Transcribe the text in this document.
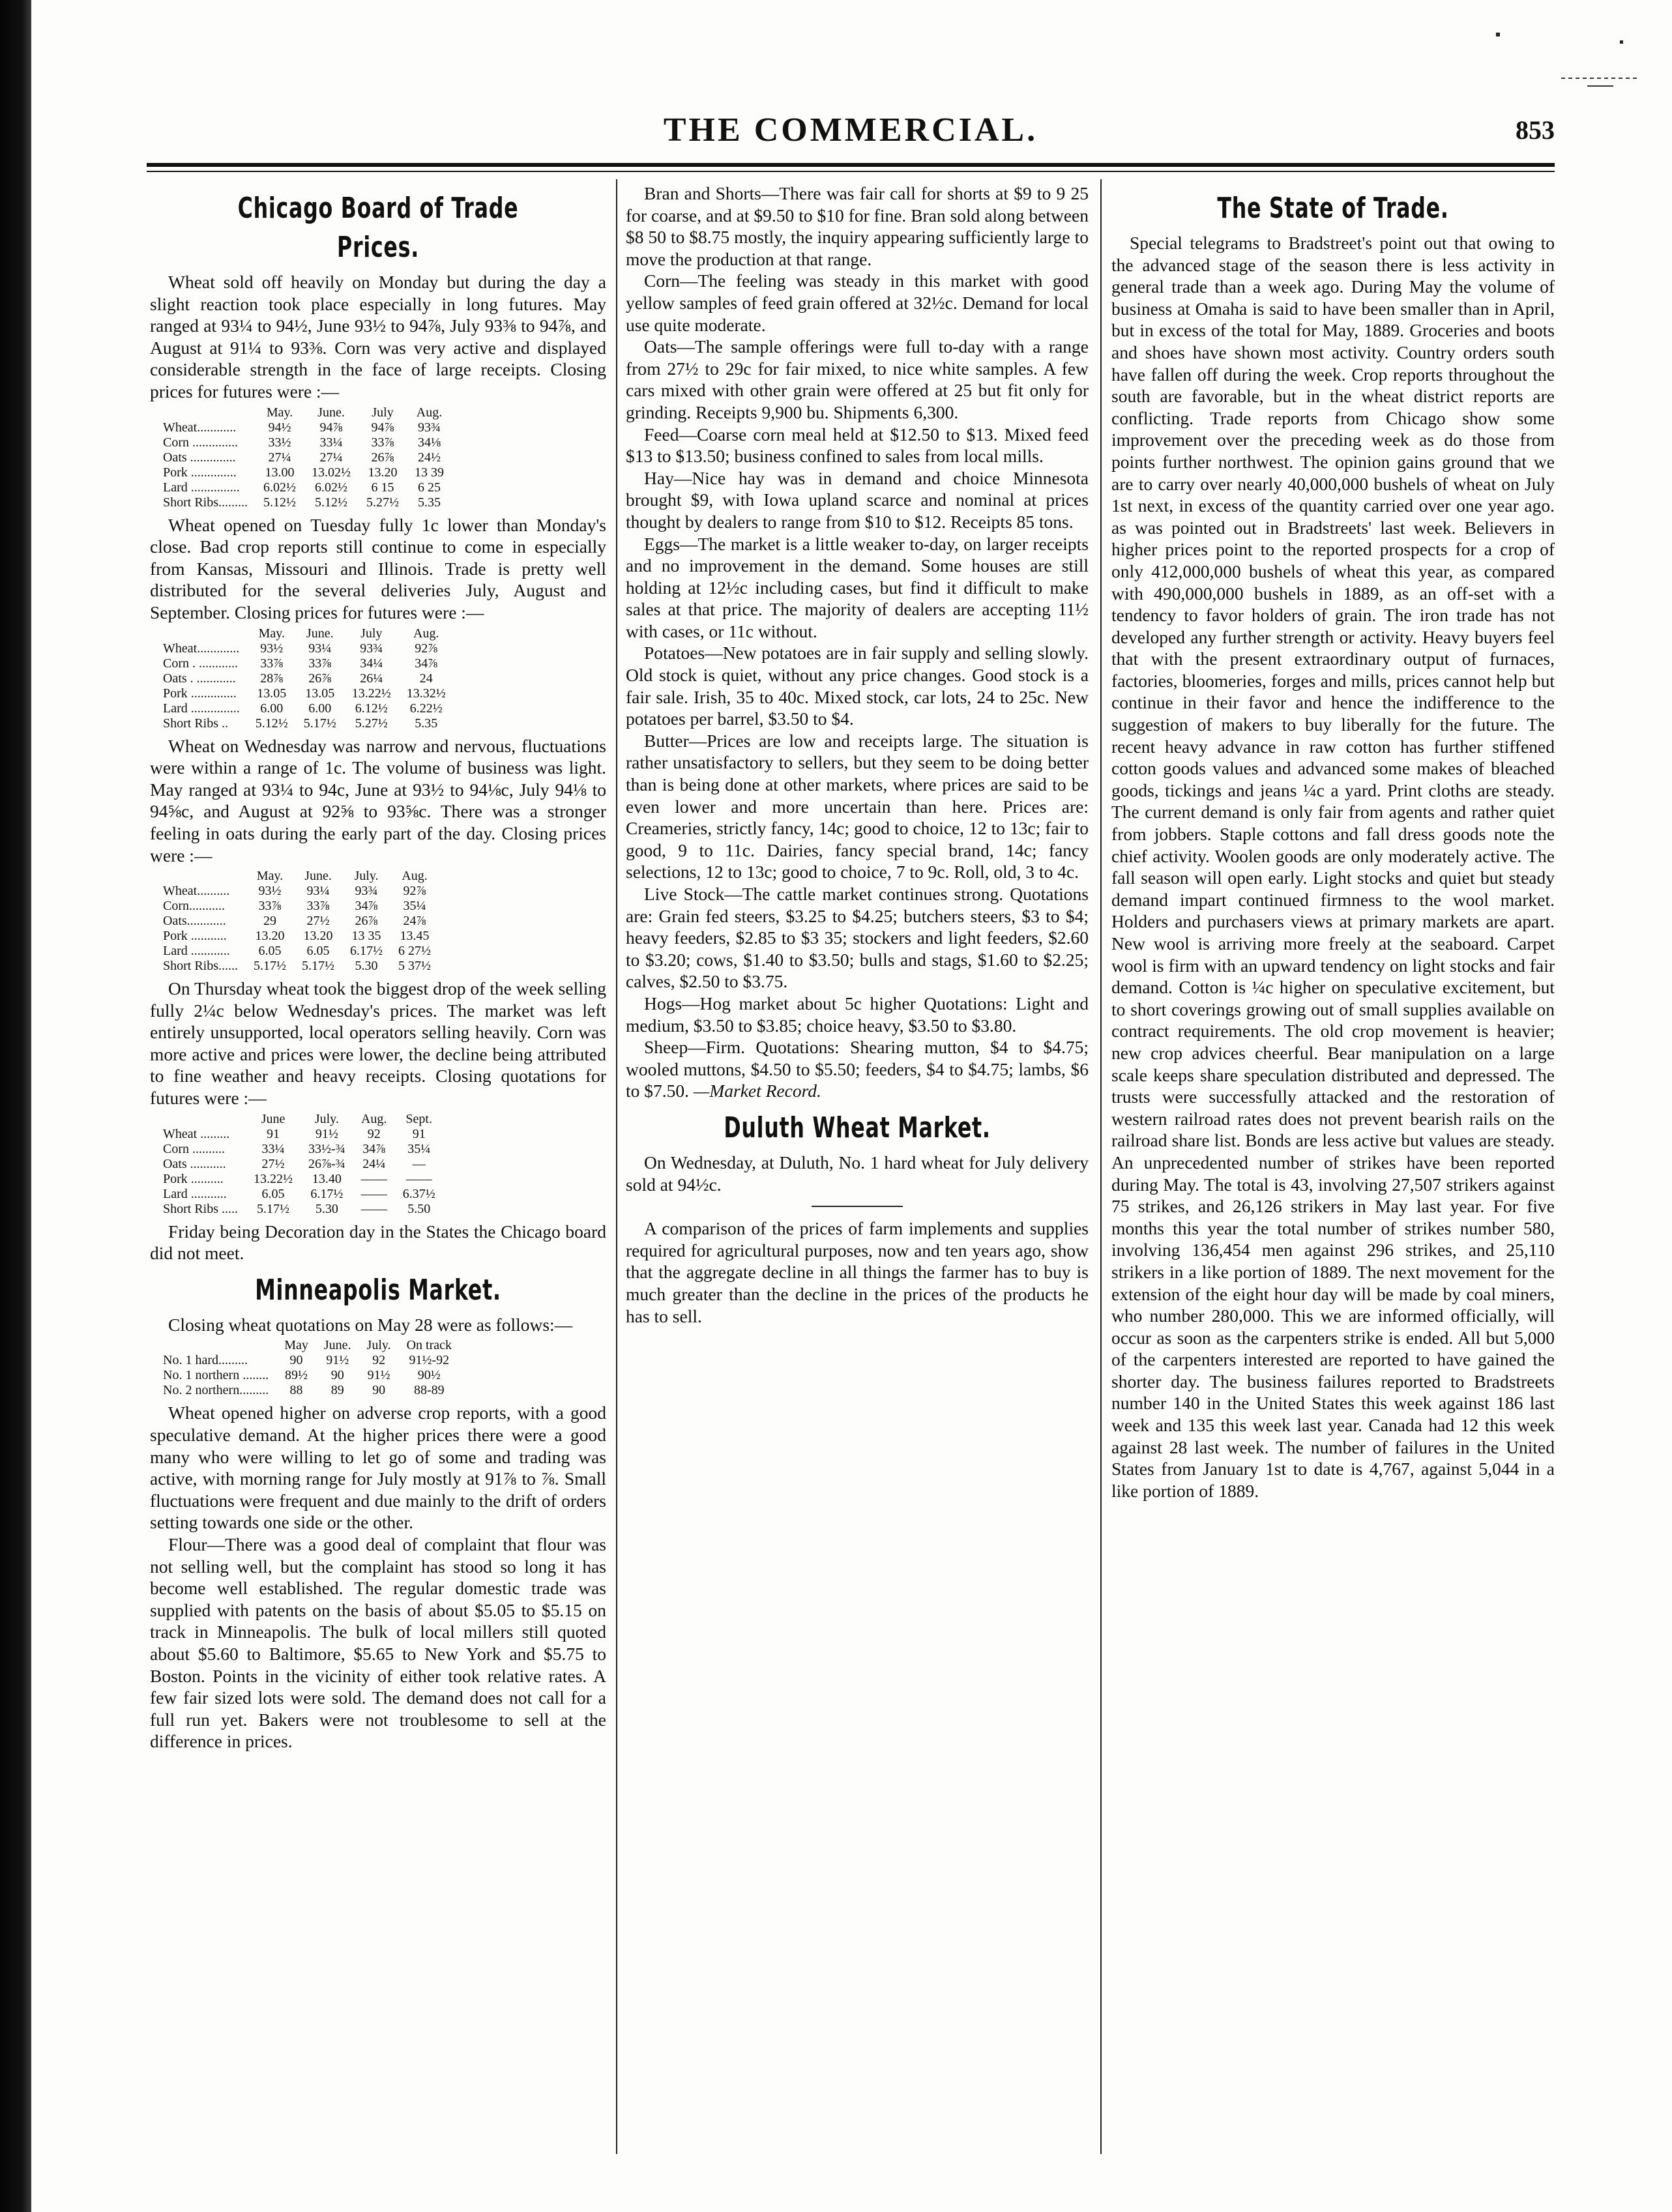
THE COMMERCIAL.	853
Chicago Board of Trade Prices.

Wheat sold off heavily on Monday but during the day a slight reaction took place especially in long futures. May ranged at 93¼ to 94½, June 93½ to 94⅞, July 93⅜ to 94⅞, and August at 91¼ to 93⅜. Corn was very active and displayed considerable strength in the face of large receipts. Closing prices for futures were :—

	May.	June.	July	Aug.
Wheat............	94½	94⅞	94⅞	93¾
Corn ..............	33½	33¼	33⅞	34⅛
Oats ..............	27¼	27¼	26⅞	24½
Pork ..............	13.00	13.02½	13.20	13 39
Lard ...............	6.02½	6.02½	6 15	6 25
Short Ribs.........	5.12½	5.12½	5.27½	5.35

Wheat opened on Tuesday fully 1c lower than Monday's close. Bad crop reports still continue to come in especially from Kansas, Missouri and Illinois. Trade is pretty well distributed for the several deliveries July, August and September. Closing prices for futures were :—

	May.	June.	July	Aug.
Wheat.............	93½	93¼	93¾	92⅞
Corn . ............	33⅞	33⅞	34¼	34⅞
Oats . ............	28⅞	26⅞	26¼	24
Pork ..............	13.05	13.05	13.22½	13.32½
Lard ...............	6.00	6.00	6.12½	6.22½
Short Ribs ..	5.12½	5.17½	5.27½	5.35

Wheat on Wednesday was narrow and nervous, fluctuations were within a range of 1c. The volume of business was light. May ranged at 93¼ to 94c, June at 93½ to 94⅛c, July 94⅛ to 94⅝c, and August at 92⅝ to 93⅝c. There was a stronger feeling in oats during the early part of the day. Closing prices were :—

	May.	June.	July.	Aug.
Wheat..........	93½	93¼	93¾	92⅞
Corn...........	33⅞	33⅞	34⅞	35¼
Oats............	29	27½	26⅞	24⅞
Pork ...........	13.20	13.20	13 35	13.45
Lard ............	6.05	6.05	6.17½	6 27½
Short Ribs......	5.17½	5.17½	5.30	5 37½

On Thursday wheat took the biggest drop of the week selling fully 2¼c below Wednesday's prices. The market was left entirely unsupported, local operators selling heavily. Corn was more active and prices were lower, the decline being attributed to fine weather and heavy receipts. Closing quotations for futures were :—

	June	July.	Aug.	Sept.
Wheat .........	91	91½	92	91
Corn ..........	33¼	33½-¾	34⅞	35¼
Oats ...........	27½	26⅞-¾	24¼	—
Pork ..........	13.22½	13.40	——	——
Lard ...........	6.05	6.17½	——	6.37½
Short Ribs .....	5.17½	5.30	——	5.50

Friday being Decoration day in the States the Chicago board did not meet.

Minneapolis Market.

Closing wheat quotations on May 28 were as follows:—

	May	June.	July.	On track
No. 1 hard.........	90	91½	92	91½-92
No. 1 northern ........	89½	90	91½	90½
No. 2 northern.........	88	89	90	88-89

Wheat opened higher on adverse crop reports, with a good speculative demand. At the higher prices there were a good many who were willing to let go of some and trading was active, with morning range for July mostly at 91⅞ to ⅞. Small fluctuations were frequent and due mainly to the drift of orders setting towards one side or the other.

Flour—There was a good deal of complaint that flour was not selling well, but the complaint has stood so long it has become well established. The regular domestic trade was supplied with patents on the basis of about $5.05 to $5.15 on track in Minneapolis. The bulk of local millers still quoted about $5.60 to Baltimore, $5.65 to New York and $5.75 to Boston. Points in the vicinity of either took relative rates. A few fair sized lots were sold. The demand does not call for a full run yet. Bakers were not troublesome to sell at the difference in prices.

Bran and Shorts—There was fair call for shorts at $9 to 9 25 for coarse, and at $9.50 to $10 for fine. Bran sold along between $8 50 to $8.75 mostly, the inquiry appearing sufficiently large to move the production at that range.

Corn—The feeling was steady in this market with good yellow samples of feed grain offered at 32½c. Demand for local use quite moderate.

Oats—The sample offerings were full to-day with a range from 27½ to 29c for fair mixed, to nice white samples. A few cars mixed with other grain were offered at 25 but fit only for grinding. Receipts 9,900 bu. Shipments 6,300.

Feed—Coarse corn meal held at $12.50 to $13. Mixed feed $13 to $13.50; business confined to sales from local mills.

Hay—Nice hay was in demand and choice Minnesota brought $9, with Iowa upland scarce and nominal at prices thought by dealers to range from $10 to $12. Receipts 85 tons.

Eggs—The market is a little weaker to-day, on larger receipts and no improvement in the demand. Some houses are still holding at 12½c including cases, but find it difficult to make sales at that price. The majority of dealers are accepting 11½ with cases, or 11c without.

Potatoes—New potatoes are in fair supply and selling slowly. Old stock is quiet, without any price changes. Good stock is a fair sale. Irish, 35 to 40c. Mixed stock, car lots, 24 to 25c. New potatoes per barrel, $3.50 to $4.

Butter—Prices are low and receipts large. The situation is rather unsatisfactory to sellers, but they seem to be doing better than is being done at other markets, where prices are said to be even lower and more uncertain than here. Prices are: Creameries, strictly fancy, 14c; good to choice, 12 to 13c; fair to good, 9 to 11c. Dairies, fancy special brand, 14c; fancy selections, 12 to 13c; good to choice, 7 to 9c. Roll, old, 3 to 4c.

Live Stock—The cattle market continues strong. Quotations are: Grain fed steers, $3.25 to $4.25; butchers steers, $3 to $4; heavy feeders, $2.85 to $3 35; stockers and light feeders, $2.60 to $3.20; cows, $1.40 to $3.50; bulls and stags, $1.60 to $2.25; calves, $2.50 to $3.75.

Hogs—Hog market about 5c higher Quotations: Light and medium, $3.50 to $3.85; choice heavy, $3.50 to $3.80.

Sheep—Firm. Quotations: Shearing mutton, $4 to $4.75; wooled muttons, $4.50 to $5.50; feeders, $4 to $4.75; lambs, $6 to $7.50. —Market Record.

Duluth Wheat Market.

On Wednesday, at Duluth, No. 1 hard wheat for July delivery sold at 94½c.

A comparison of the prices of farm implements and supplies required for agricultural purposes, now and ten years ago, show that the aggregate decline in all things the farmer has to buy is much greater than the decline in the prices of the products he has to sell.

The State of Trade.

Special telegrams to Bradstreet's point out that owing to the advanced stage of the season there is less activity in general trade than a week ago. During May the volume of business at Omaha is said to have been smaller than in April, but in excess of the total for May, 1889. Groceries and boots and shoes have shown most activity. Country orders south have fallen off during the week. Crop reports throughout the south are favorable, but in the wheat district reports are conflicting. Trade reports from Chicago show some improvement over the preceding week as do those from points further northwest. The opinion gains ground that we are to carry over nearly 40,000,000 bushels of wheat on July 1st next, in excess of the quantity carried over one year ago. as was pointed out in Bradstreets' last week. Believers in higher prices point to the reported prospects for a crop of only 412,000,000 bushels of wheat this year, as compared with 490,000,000 bushels in 1889, as an off-set with a tendency to favor holders of grain. The iron trade has not developed any further strength or activity. Heavy buyers feel that with the present extraordinary output of furnaces, factories, bloomeries, forges and mills, prices cannot help but continue in their favor and hence the indifference to the suggestion of makers to buy liberally for the future. The recent heavy advance in raw cotton has further stiffened cotton goods values and advanced some makes of bleached goods, tickings and jeans ¼c a yard. Print cloths are steady. The current demand is only fair from agents and rather quiet from jobbers. Staple cottons and fall dress goods note the chief activity. Woolen goods are only moderately active. The fall season will open early. Light stocks and quiet but steady demand impart continued firmness to the wool market. Holders and purchasers views at primary markets are apart. New wool is arriving more freely at the seaboard. Carpet wool is firm with an upward tendency on light stocks and fair demand. Cotton is ¼c higher on speculative excitement, but to short coverings growing out of small supplies available on contract requirements. The old crop movement is heavier; new crop advices cheerful. Bear manipulation on a large scale keeps share speculation distributed and depressed. The trusts were successfully attacked and the restoration of western railroad rates does not prevent bearish rails on the railroad share list. Bonds are less active but values are steady. An unprecedented number of strikes have been reported during May. The total is 43, involving 27,507 strikers against 75 strikes, and 26,126 strikers in May last year. For five months this year the total number of strikes number 580, involving 136,454 men against 296 strikes, and 25,110 strikers in a like portion of 1889. The next movement for the extension of the eight hour day will be made by coal miners, who number 280,000. This we are informed officially, will occur as soon as the carpenters strike is ended. All but 5,000 of the carpenters interested are reported to have gained the shorter day. The business failures reported to Bradstreets number 140 in the United States this week against 186 last week and 135 this week last year. Canada had 12 this week against 28 last week. The number of failures in the United States from January 1st to date is 4,767, against 5,044 in a like portion of 1889.
